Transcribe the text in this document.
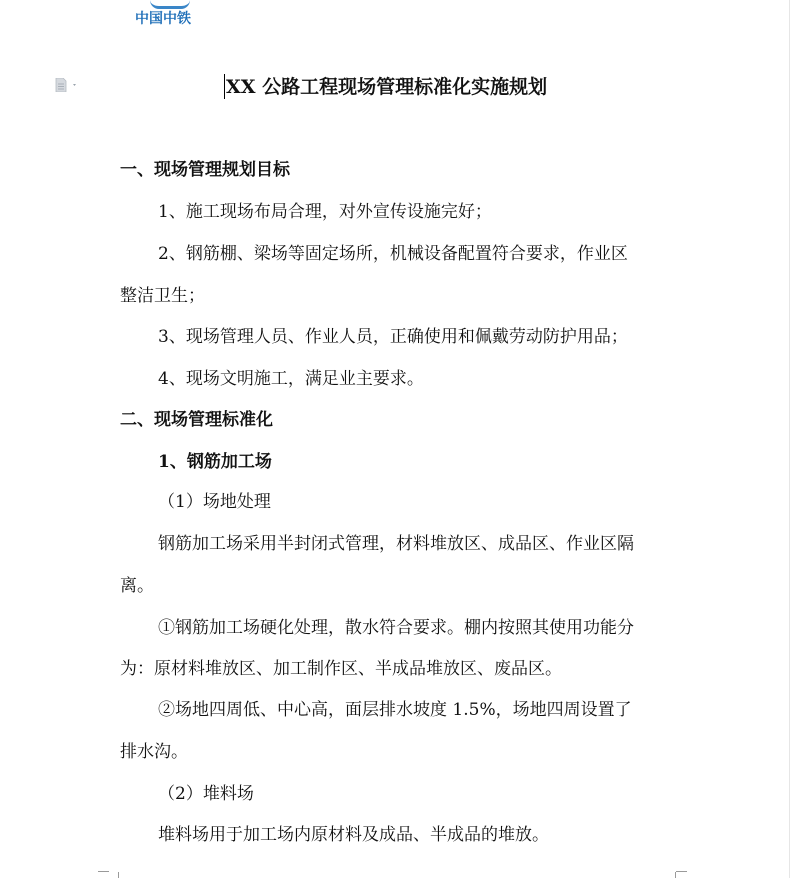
中国中铁
XX 公路工程现场管理标准化实施规划
一、现场管理规划目标
1、施工现场布局合理，对外宣传设施完好；
2、钢筋棚、梁场等固定场所，机械设备配置符合要求，作业区
整洁卫生；
3、现场管理人员、作业人员，正确使用和佩戴劳动防护用品；
4、现场文明施工，满足业主要求。
二、现场管理标准化
1、钢筋加工场
（1）场地处理
钢筋加工场采用半封闭式管理，材料堆放区、成品区、作业区隔
离。
①钢筋加工场硬化处理，散水符合要求。棚内按照其使用功能分
为：原材料堆放区、加工制作区、半成品堆放区、废品区。
②场地四周低、中心高，面层排水坡度 1.5%，场地四周设置了
排水沟。
（2）堆料场
堆料场用于加工场内原材料及成品、半成品的堆放。
